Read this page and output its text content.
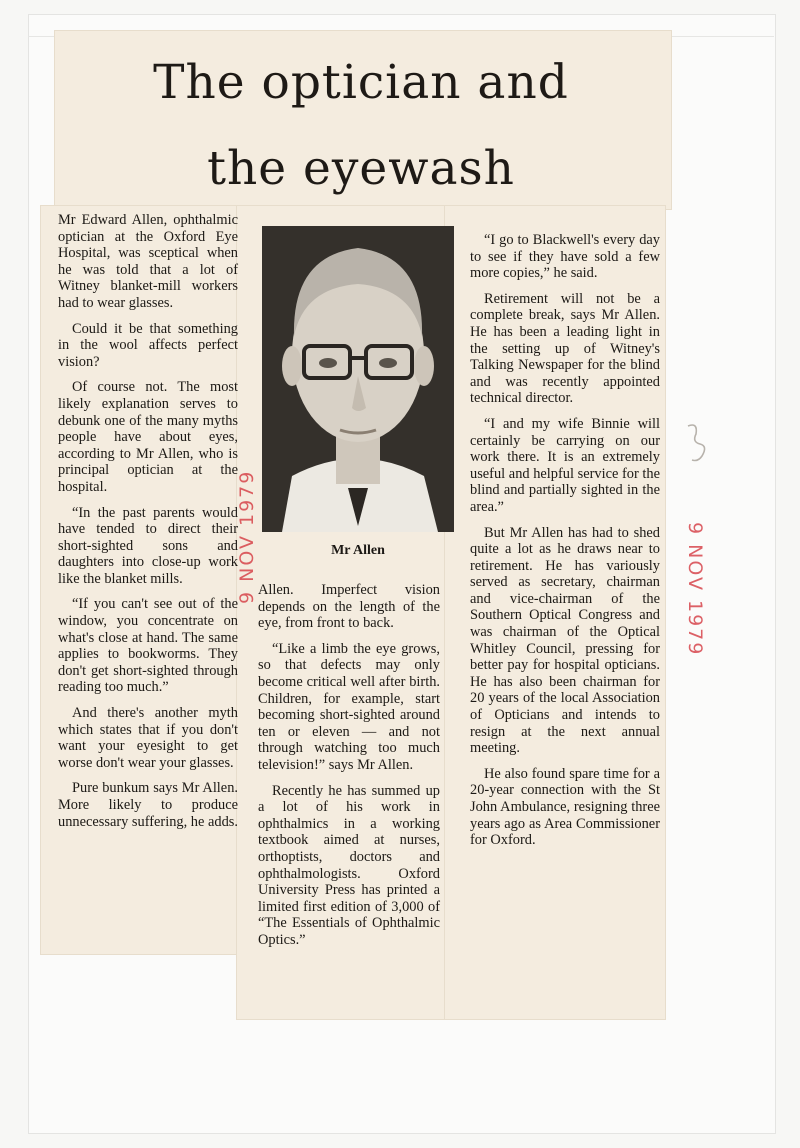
The optician and
the eyewash

Mr Edward Allen, ophthalmic optician at the Oxford Eye Hospital, was sceptical when he was told that a lot of Witney blanket-mill workers had to wear glasses.

Could it be that something in the wool affects perfect vision?

Of course not. The most likely explanation serves to debunk one of the many myths people have about eyes, according to Mr Allen, who is principal optician at the hospital.

“In the past parents would have tended to direct their short-sighted sons and daughters into close-up work like the blanket mills.

“If you can't see out of the window, you concentrate on what's close at hand. The same applies to bookworms. They don't get short-sighted through reading too much.”

And there's another myth which states that if you don't want your eyesight to get worse don't wear your glasses.

Pure bunkum says Mr Allen. More likely to produce unnecessary suffering, he adds.

Mr Allen

Allen. Imperfect vision depends on the length of the eye, from front to back.

“Like a limb the eye grows, so that defects may only become critical well after birth. Children, for example, start becoming short-sighted around ten or eleven — and not through watching too much television!” says Mr Allen.

Recently he has summed up a lot of his work in ophthalmics in a working textbook aimed at nurses, orthoptists, doctors and ophthalmologists. Oxford University Press has printed a limited first edition of 3,000 of “The Essentials of Ophthalmic Optics.”

“I go to Blackwell's every day to see if they have sold a few more copies,” he said.

Retirement will not be a complete break, says Mr Allen. He has been a leading light in the setting up of Witney's Talking Newspaper for the blind and was recently appointed technical director.

“I and my wife Binnie will certainly be carrying on our work there. It is an extremely useful and helpful service for the blind and partially sighted in the area.”

But Mr Allen has had to shed quite a lot as he draws near to retirement. He has variously served as secretary, chairman and vice-chairman of the Southern Optical Congress and was chairman of the Optical Whitley Council, pressing for better pay for hospital opticians. He has also been chairman for 20 years of the local Association of Opticians and intends to resign at the next annual meeting.

He also found spare time for a 20-year connection with the St John Ambulance, resigning three years ago as Area Commissioner for Oxford.

9 NOV 1979	9 NOV 1979
